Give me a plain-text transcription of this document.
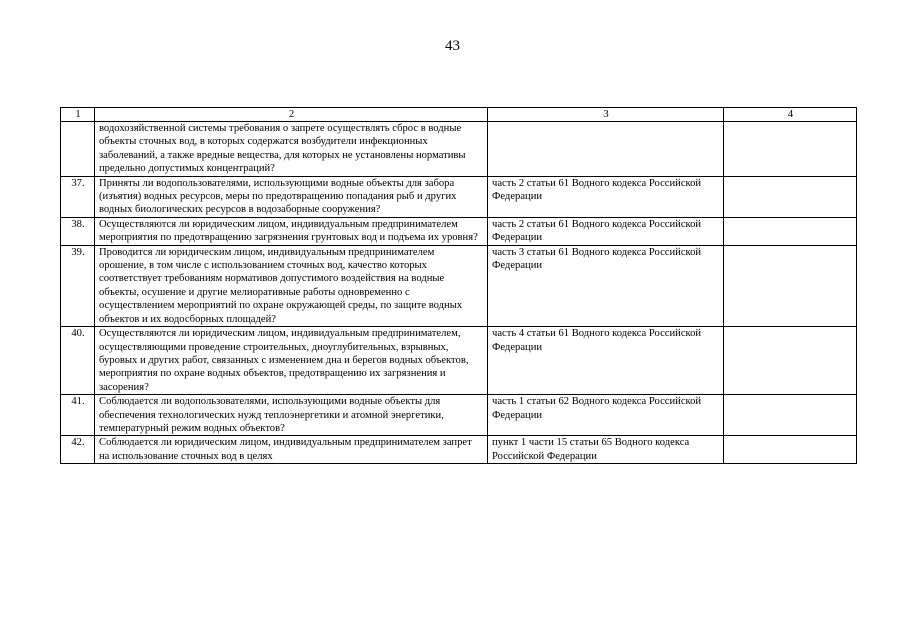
43
1	2	3	4
	водохозяйственной системы требования о запрете осуществлять сброс в водные объекты сточных вод, в которых содержатся возбудители инфекционных заболеваний, а также вредные вещества, для которых не установлены нормативы предельно допустимых концентраций?		
37.	Приняты ли водопользователями, использующими водные объекты для забора (изъятия) водных ресурсов, меры по предотвращению попадания рыб и других водных биологических ресурсов в водозаборные сооружения?	часть 2 статьи 61 Водного кодекса Российской Федерации	
38.	Осуществляются ли юридическим лицом, индивидуальным предпринимателем мероприятия по предотвращению загрязнения грунтовых вод и подъема их уровня?	часть 2 статьи 61 Водного кодекса Российской Федерации	
39.	Проводится ли юридическим лицом, индивидуальным предпринимателем орошение, в том числе с использованием сточных вод, качество которых соответствует требованиям нормативов допустимого воздействия на водные объекты, осушение и другие мелиоративные работы одновременно с осуществлением мероприятий по охране окружающей среды, по защите водных объектов и их водосборных площадей?	часть 3 статьи 61 Водного кодекса Российской Федерации	
40.	Осуществляются ли юридическим лицом, индивидуальным предпринимателем, осуществляющими проведение строительных, дноуглубительных, взрывных, буровых и других работ, связанных с изменением дна и берегов водных объектов, мероприятия по охране водных объектов, предотвращению их загрязнения и засорения?	часть 4 статьи 61 Водного кодекса Российской Федерации	
41.	Соблюдается ли водопользователями, использующими водные объекты для обеспечения технологических нужд теплоэнергетики и атомной энергетики, температурный режим водных объектов?	часть 1 статьи 62 Водного кодекса Российской Федерации	
42.	Соблюдается ли юридическим лицом, индивидуальным предпринимателем запрет на использование сточных вод в целях	пункт 1 части 15 статьи 65 Водного кодекса Российской Федерации	
